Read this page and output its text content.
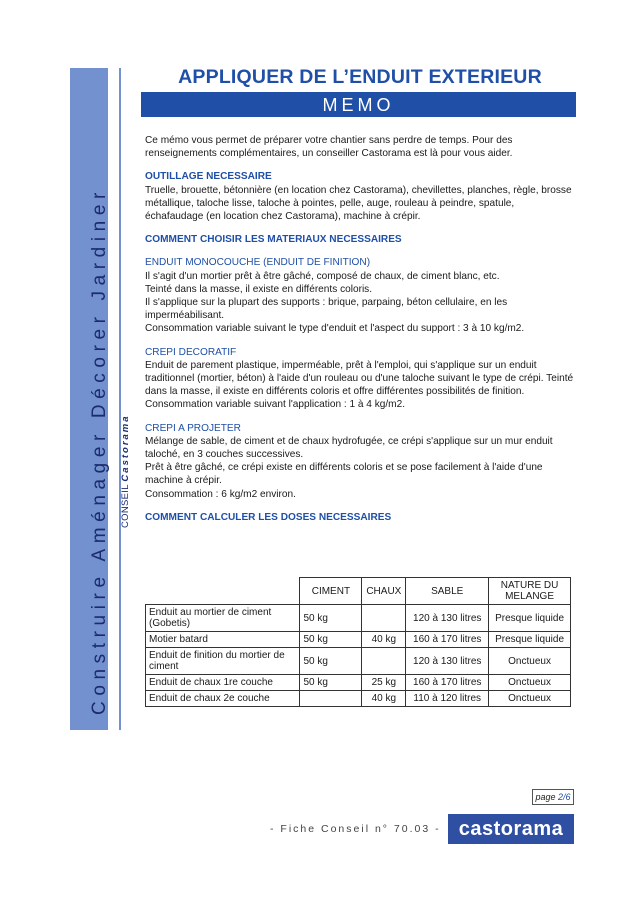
Construire Aménager Décorer Jardiner CONSEIL Castorama
APPLIQUER DE L’ENDUIT EXTERIEUR
MEMO

Ce mémo vous permet de préparer votre chantier sans perdre de temps. Pour des renseignements complémentaires, un conseiller Castorama est là pour vous aider.

OUTILLAGE NECESSAIRE

Truelle, brouette, bétonnière (en location chez Castorama), chevillettes, planches, règle, brosse métallique, taloche lisse, taloche à pointes, pelle, auge, rouleau à peindre, spatule, échafaudage (en location chez Castorama), machine à crépir.

COMMENT CHOISIR LES MATERIAUX NECESSAIRES

ENDUIT MONOCOUCHE (ENDUIT DE FINITION)

Il s'agit d'un mortier prêt à être gâché, composé de chaux, de ciment blanc, etc.

Teinté dans la masse, il existe en différents coloris.

Il s'applique sur la plupart des supports : brique, parpaing, béton cellulaire, en les imperméabilisant.

Consommation variable suivant le type d'enduit et l'aspect du support : 3 à 10 kg/m2.

CREPI DECORATIF

Enduit de parement plastique, imperméable, prêt à l'emploi, qui s'applique sur un enduit traditionnel (mortier, béton) à l'aide d'un rouleau ou d'une taloche suivant le type de crépi. Teinté dans la masse, il existe en différents coloris et offre différentes possibilités de finition. Consommation variable suivant l'application : 1 à 4 kg/m2.

CREPI A PROJETER

Mélange de sable, de ciment et de chaux hydrofugée, ce crépi s'applique sur un mur enduit taloché, en 3 couches successives.

Prêt à être gâché, ce crépi existe en différents coloris et se pose facilement à l'aide d'une machine à crépir.

Consommation : 6 kg/m2 environ.

COMMENT CALCULER LES DOSES NECESSAIRES

	CIMENT	CHAUX	SABLE	NATURE DU MELANGE
Enduit au mortier de ciment (Gobetis)	50 kg		120 à 130 litres	Presque liquide
Motier batard	50 kg	40 kg	160 à 170 litres	Presque liquide
Enduit de finition du mortier de ciment	50 kg		120 à 130 litres	Onctueux
Enduit de chaux 1re couche	50 kg	25 kg	160 à 170 litres	Onctueux
Enduit de chaux 2e couche		40 kg	110 à 120 litres	Onctueux
page 2/6
- Fiche Conseil n° 70.03 - castorama
